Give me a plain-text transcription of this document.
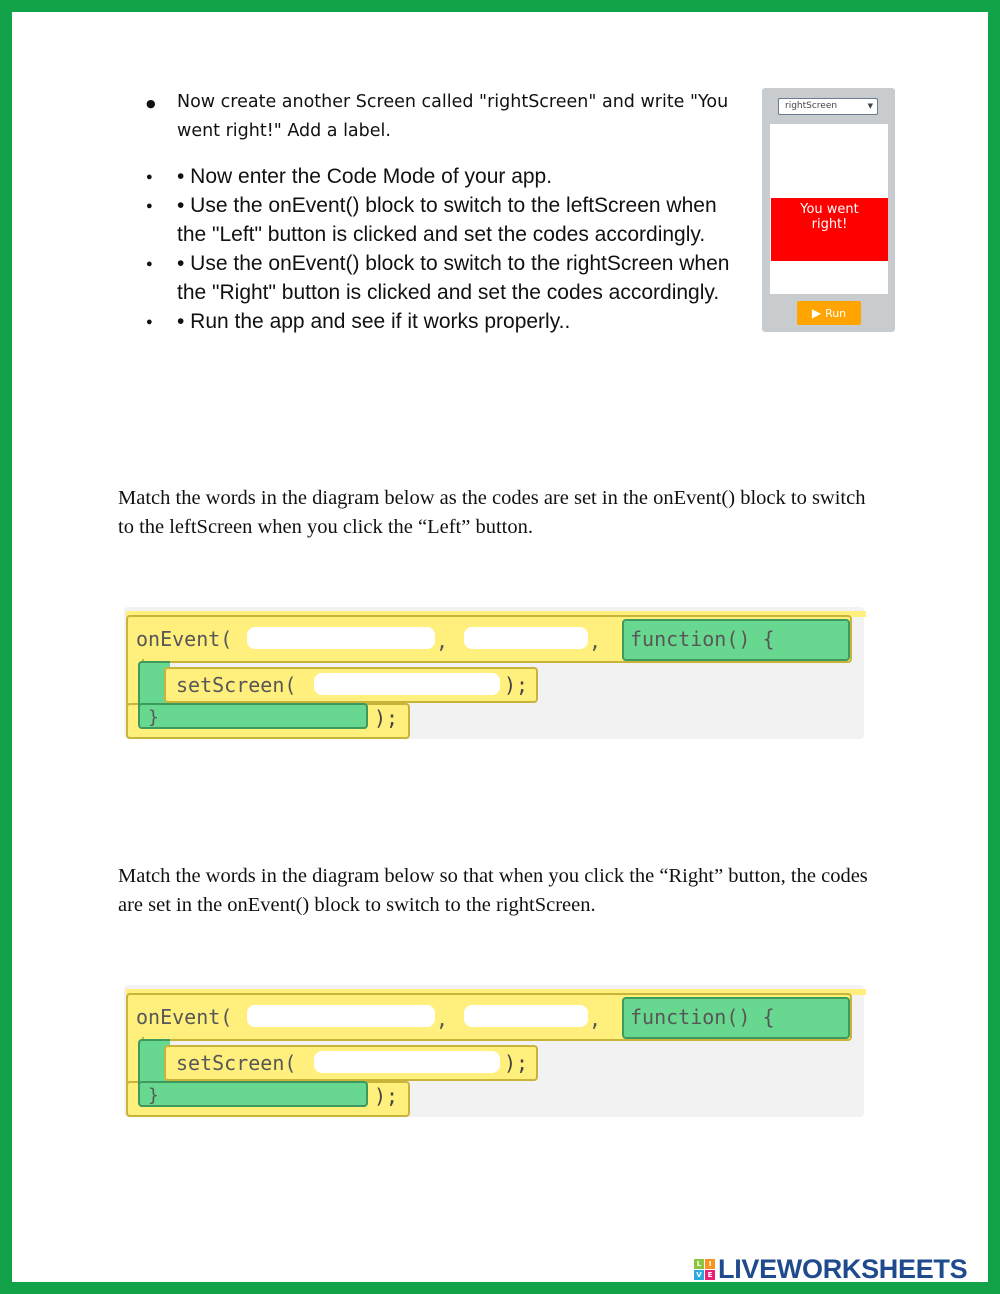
● Now create another Screen called "rightScreen" and write "You went right!" Add a label.
● • Now enter the Code Mode of your app.
● • Use the onEvent() block to switch to the leftScreen when the "Left" button is clicked and set the codes accordingly.
● • Use the onEvent() block to switch to the rightScreen when the "Right" button is clicked and set the codes accordingly.
● • Run the app and see if it works properly..
rightScreen	▼
You went
right!
▶ Run

Match the words in the diagram below as the codes are set in the onEvent() block to switch to the leftScreen when you click the “Left” button.

onEvent(	,	, function() {
}	);
setScreen(	);

Match the words in the diagram below so that when you click the “Right” button, the codes are set in the onEvent() block to switch to the rightScreen.

onEvent(	,	, function() {
}	);
setScreen(	);
L	I
V E LIVEWORKSHEETS
